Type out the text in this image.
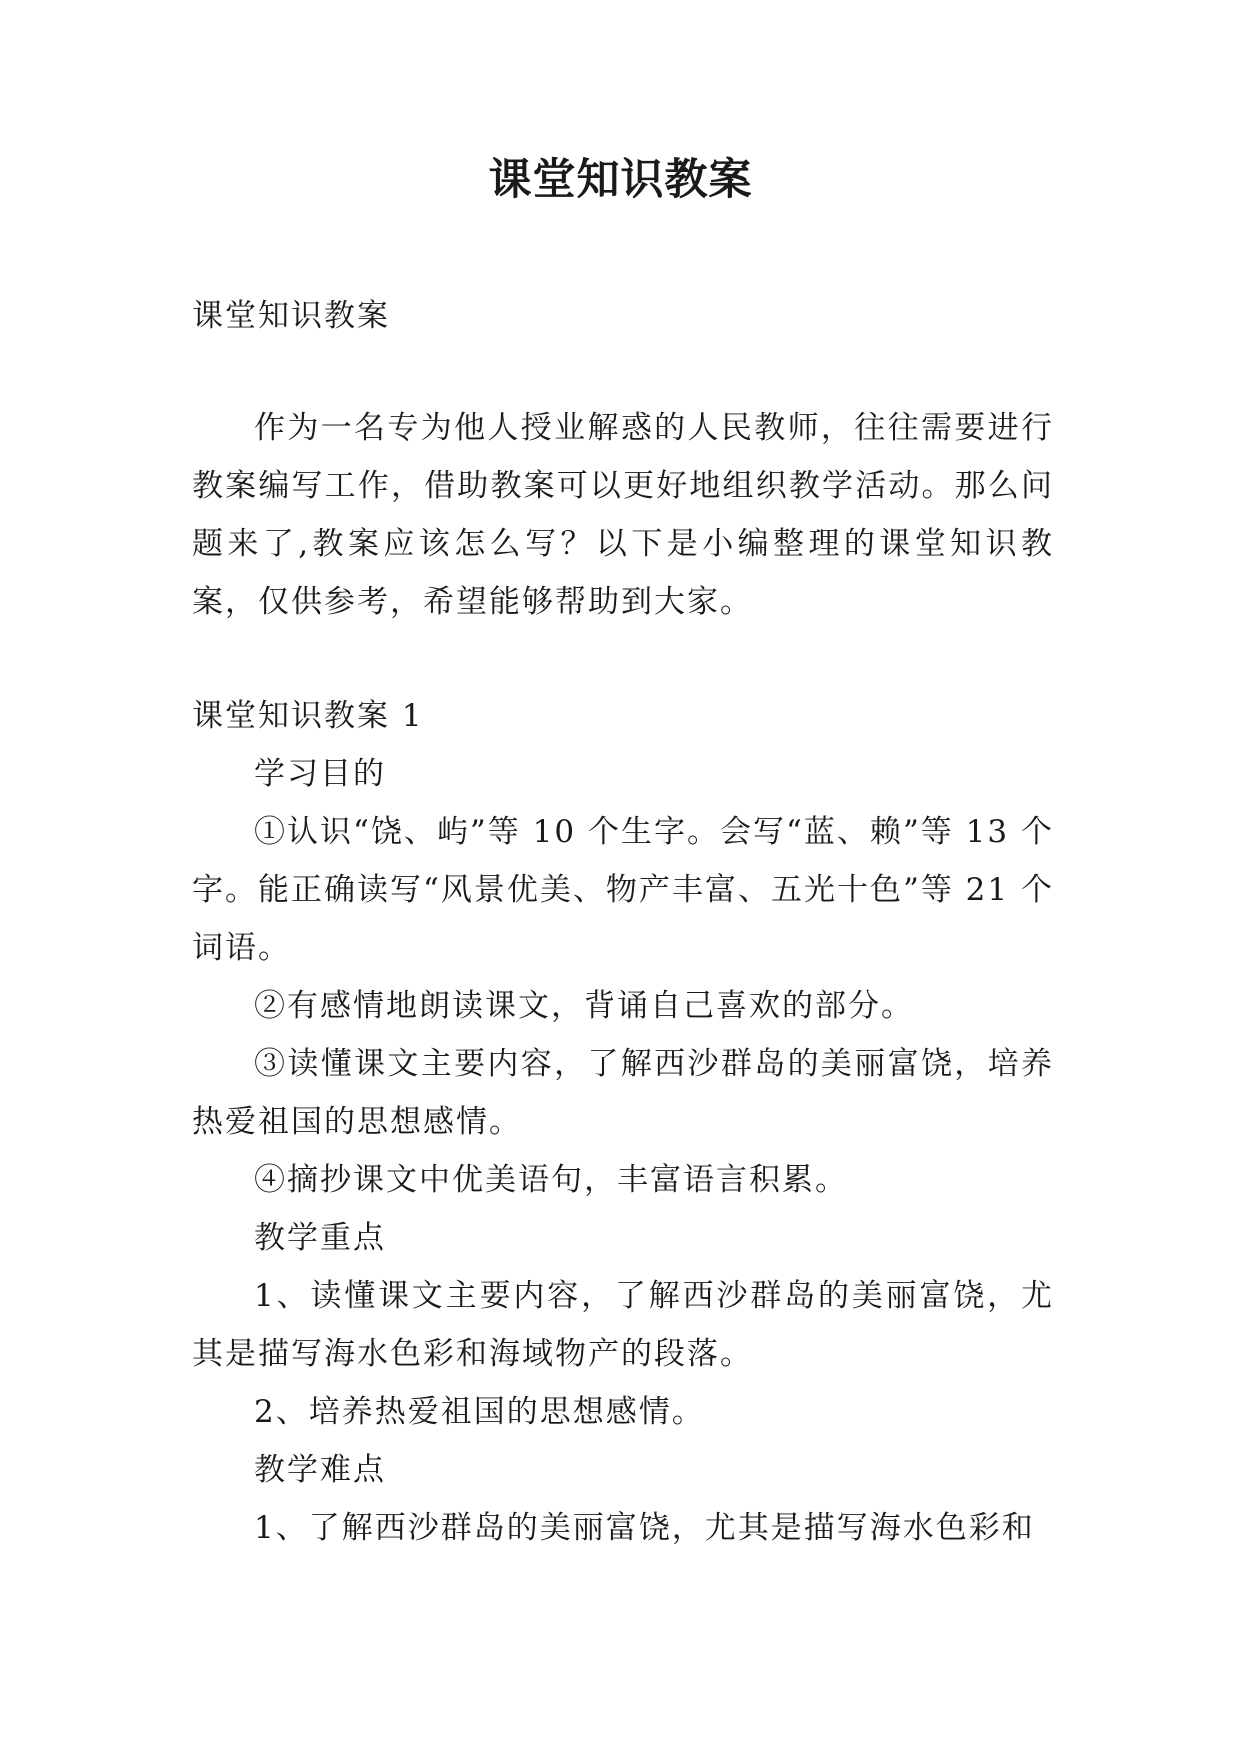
课堂知识教案

课堂知识教案

作为一名专为他人授业解惑的人民教师，往往需要进行教案编写工作，借助教案可以更好地组织教学活动。那么问题来了,教案应该怎么写？以下是小编整理的课堂知识教案，仅供参考，希望能够帮助到大家。

课堂知识教案 1

学习目的

①认识“饶、屿”等 10 个生字。会写“蓝、赖”等 13 个字。能正确读写“风景优美、物产丰富、五光十色”等 21 个词语。

②有感情地朗读课文，背诵自己喜欢的部分。

③读懂课文主要内容，了解西沙群岛的美丽富饶，培养热爱祖国的思想感情。

④摘抄课文中优美语句，丰富语言积累。

教学重点

1、读懂课文主要内容，了解西沙群岛的美丽富饶，尤其是描写海水色彩和海域物产的段落。

2、培养热爱祖国的思想感情。

教学难点

1、了解西沙群岛的美丽富饶，尤其是描写海水色彩和
